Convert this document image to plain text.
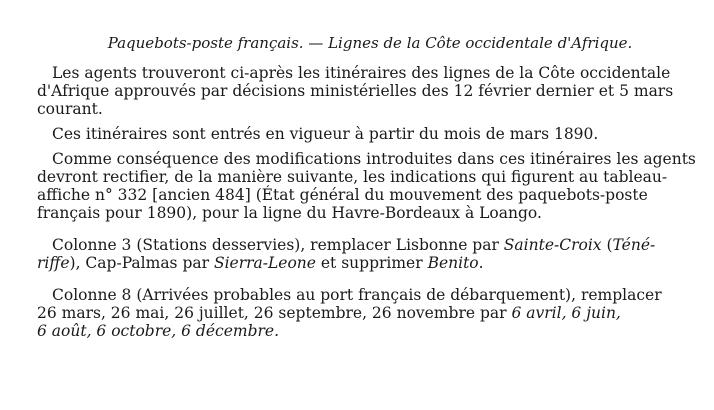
Paquebots-poste français. — Lignes de la Côte occidentale d'Afrique.
Les agents trouveront ci-après les itinéraires des lignes de la Côte occidentale
d'Afrique approuvés par décisions ministérielles des 12 février dernier et 5 mars
courant.
Ces itinéraires sont entrés en vigueur à partir du mois de mars 1890.
Comme conséquence des modifications introduites dans ces itinéraires les agents
devront rectifier, de la manière suivante, les indications qui figurent au tableau-
affiche n° 332 [ancien 484] (État général du mouvement des paquebots-poste
français pour 1890), pour la ligne du Havre-Bordeaux à Loango.
Colonne 3 (Stations desservies), remplacer Lisbonne par Sainte-Croix (Téné-
riffe), Cap-Palmas par Sierra-Leone et supprimer Benito.
Colonne 8 (Arrivées probables au port français de débarquement), remplacer
26 mars, 26 mai, 26 juillet, 26 septembre, 26 novembre par 6 avril, 6 juin,
6 août, 6 octobre, 6 décembre.
